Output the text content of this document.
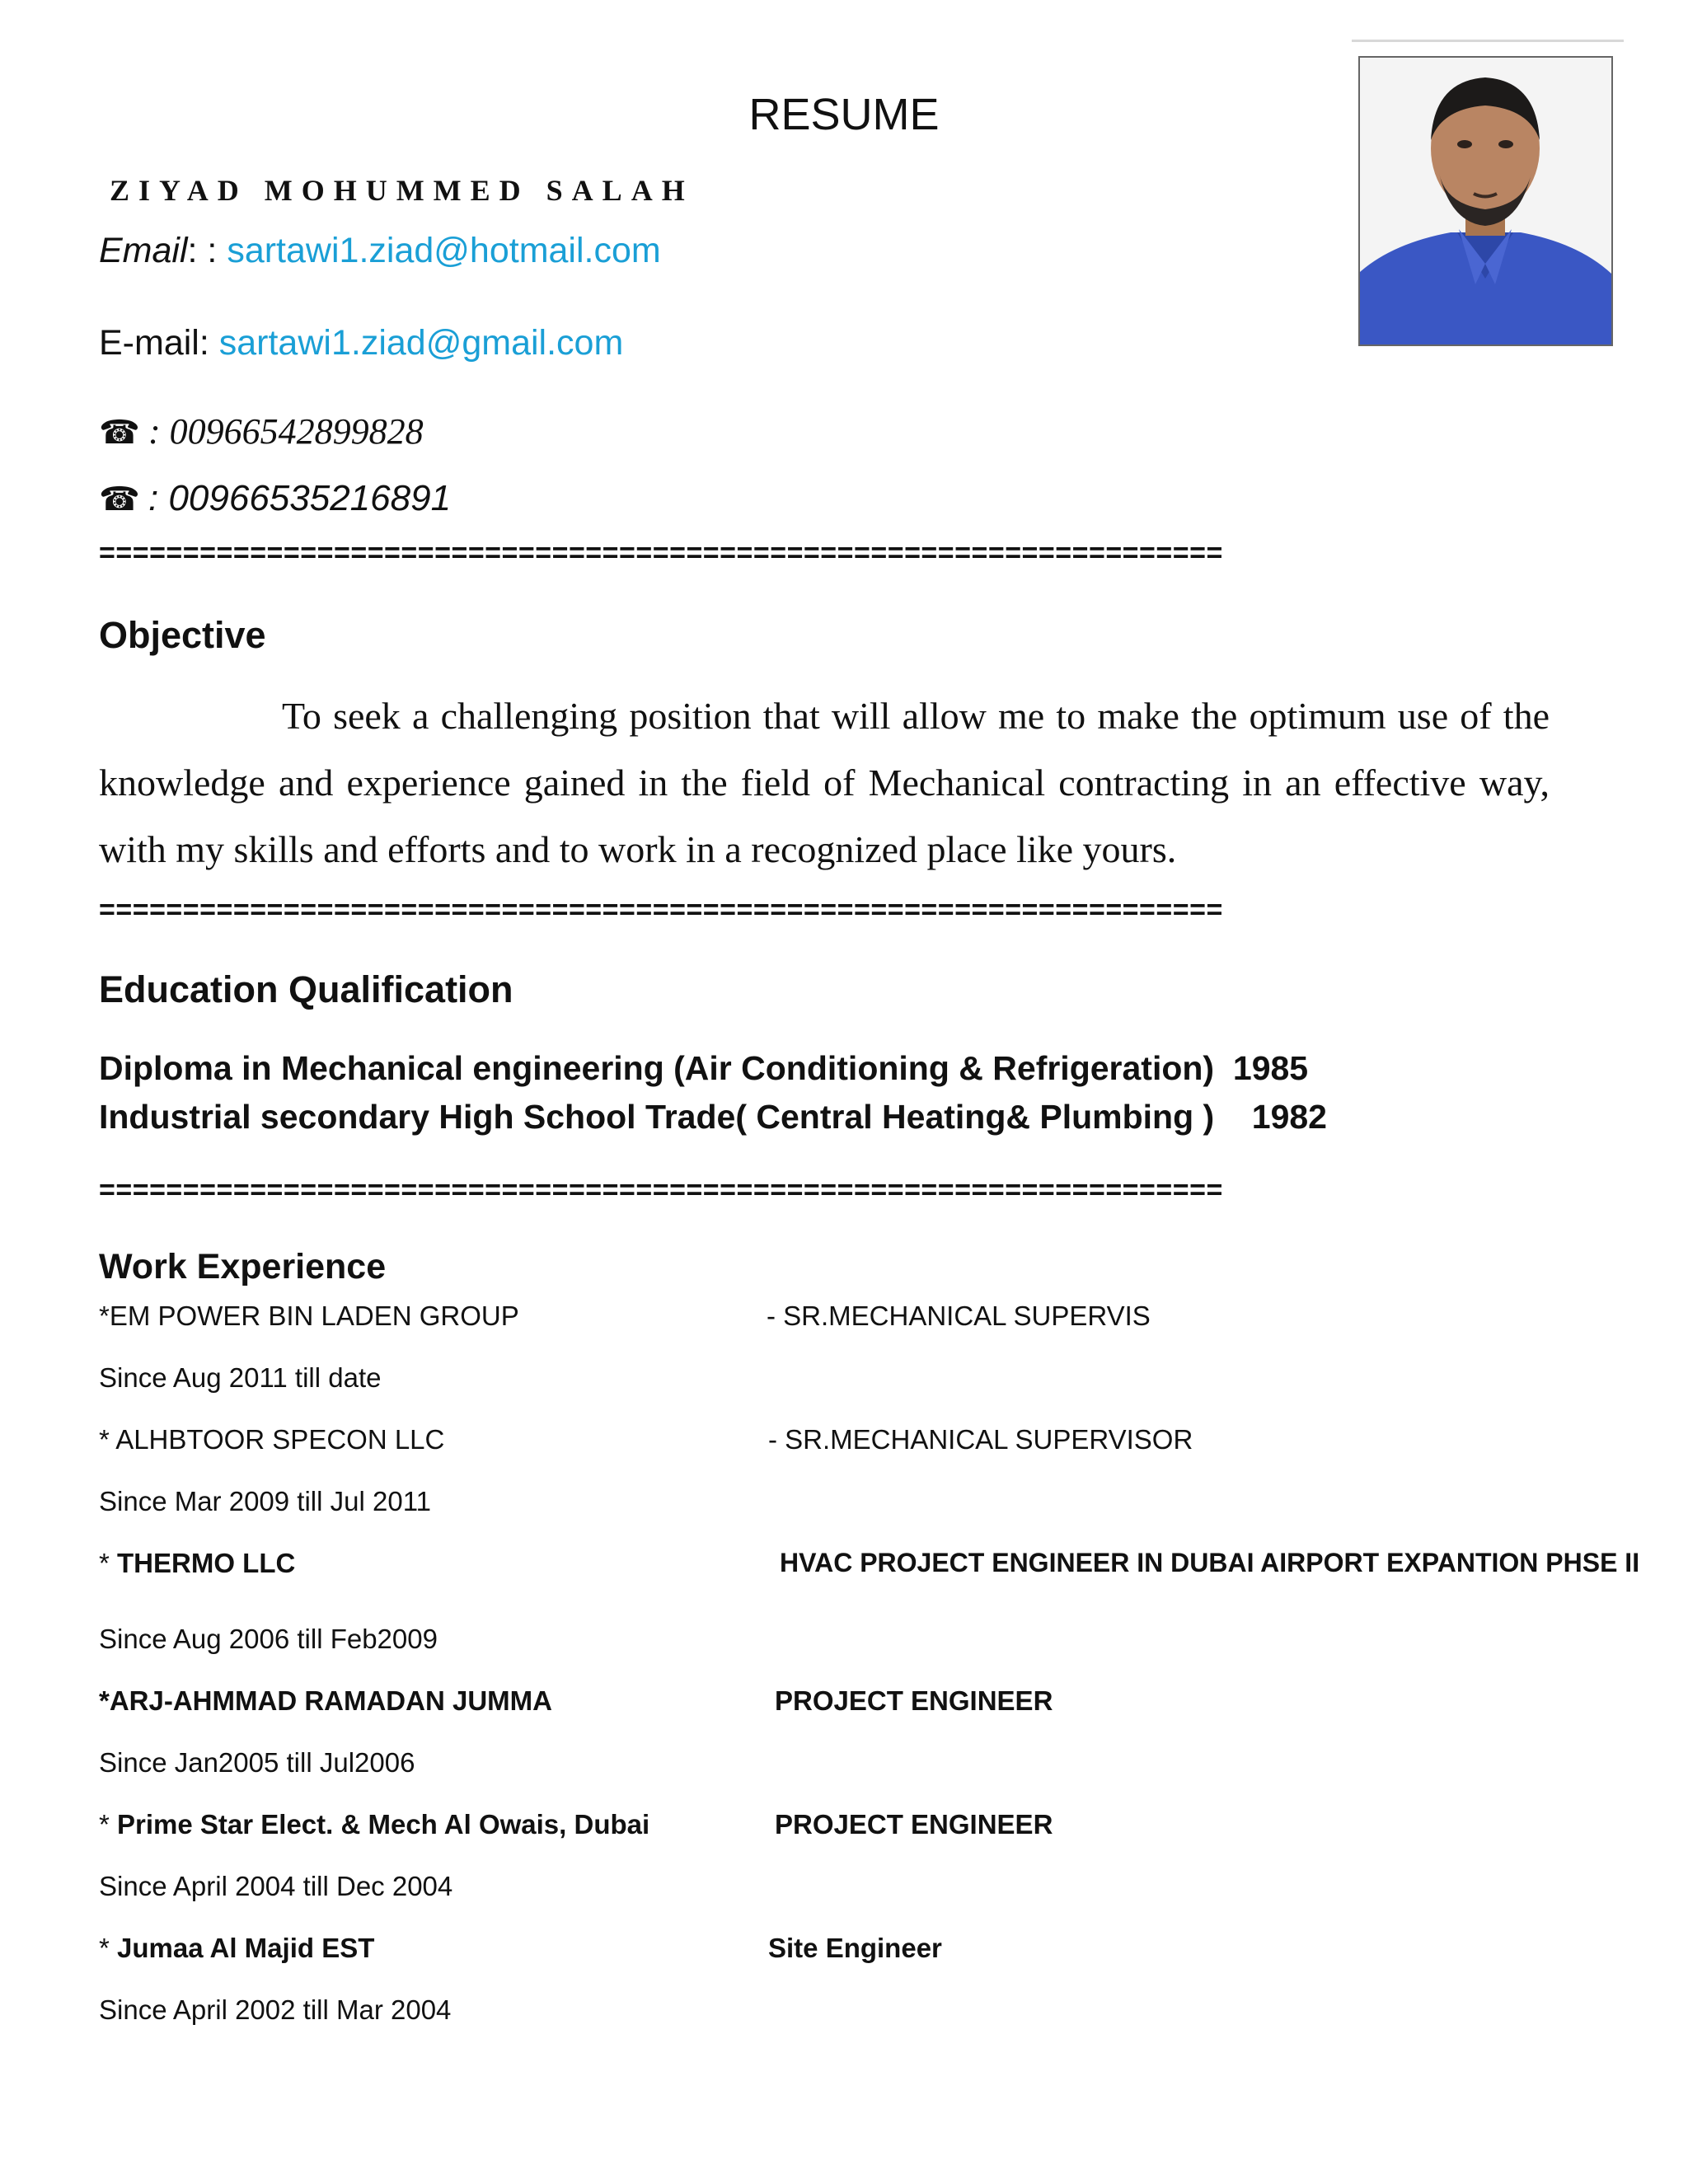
RESUME
ZIYAD MOHUMMED SALAH
Email: : sartawi1.ziad@hotmail.com
E-mail: sartawi1.ziad@gmail.com
☎ : 00966542899828
☎ : 00966535216891
===================================================================
Objective
To seek a challenging position that will allow me to make the optimum use of the knowledge and experience gained in the field of Mechanical contracting in an effective way, with my skills and efforts and to work in a recognized place like yours.
===================================================================
Education Qualification
Diploma in Mechanical engineering (Air Conditioning & Refrigeration) 1985
Industrial secondary High School Trade( Central Heating& Plumbing ) 1982
===================================================================
Work Experience
*EM POWER BIN LADEN GROUP	- SR.MECHANICAL SUPERVIS
Since Aug 2011 till date
* ALHBTOOR SPECON LLC	- SR.MECHANICAL SUPERVISOR
Since Mar 2009 till Jul 2011
* THERMO LLC	HVAC PROJECT ENGINEER IN DUBAI AIRPORT EXPANTION PHSE II
Since Aug 2006 till Feb2009
*ARJ-AHMMAD RAMADAN JUMMA	PROJECT ENGINEER
Since Jan2005 till Jul2006
* Prime Star Elect. & Mech Al Owais, Dubai	PROJECT ENGINEER
Since April 2004 till Dec 2004
* Jumaa Al Majid EST	Site Engineer
Since April 2002 till Mar 2004
